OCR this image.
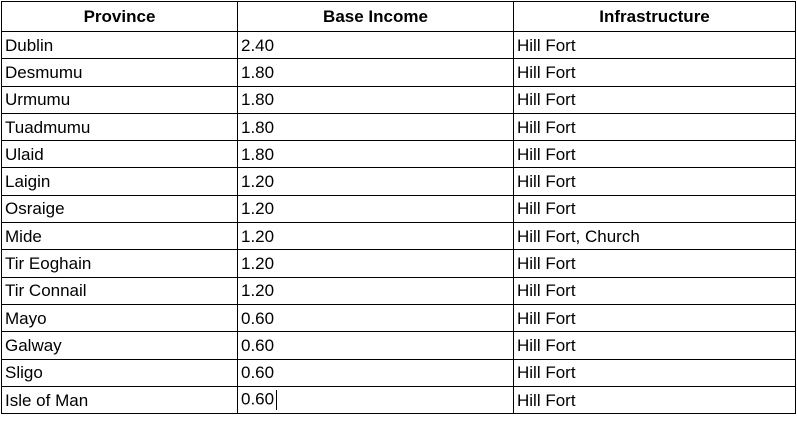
Province	Base Income	Infrastructure
Dublin	2.40	Hill Fort
Desmumu	1.80	Hill Fort
Urmumu	1.80	Hill Fort
Tuadmumu	1.80	Hill Fort
Ulaid	1.80	Hill Fort
Laigin	1.20	Hill Fort
Osraige	1.20	Hill Fort
Mide	1.20	Hill Fort, Church
Tir Eoghain	1.20	Hill Fort
Tir Connail	1.20	Hill Fort
Mayo	0.60	Hill Fort
Galway	0.60	Hill Fort
Sligo	0.60	Hill Fort
Isle of Man	0.60	Hill Fort
